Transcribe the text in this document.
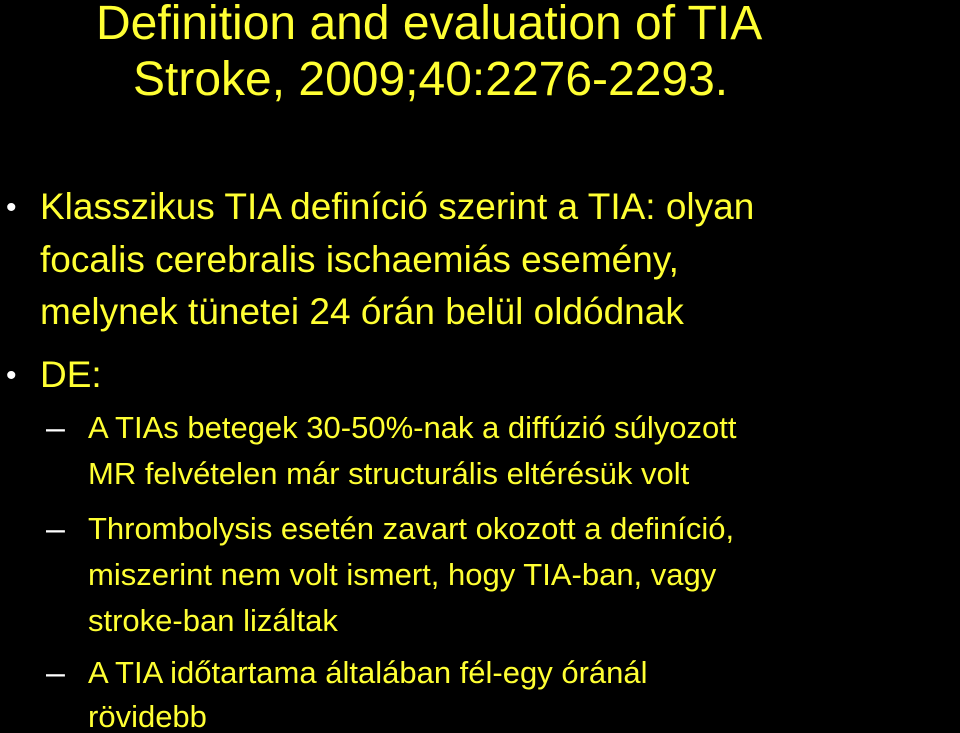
Definition and evaluation of TIA
Stroke, 2009;40:2276-2293.
• Klasszikus TIA definíció szerint a TIA: olyan

focalis cerebralis ischaemiás esemény,

melynek tünetei 24 órán belül oldódnak

• DE:

– A TIAs betegek 30-50%-nak a diffúzió súlyozott

MR felvételen már structurális eltérésük volt

– Thrombolysis esetén zavart okozott a definíció,

miszerint nem volt ismert, hogy TIA-ban, vagy

stroke-ban lizáltak

– A TIA időtartama általában fél-egy óránál

rövidebb
